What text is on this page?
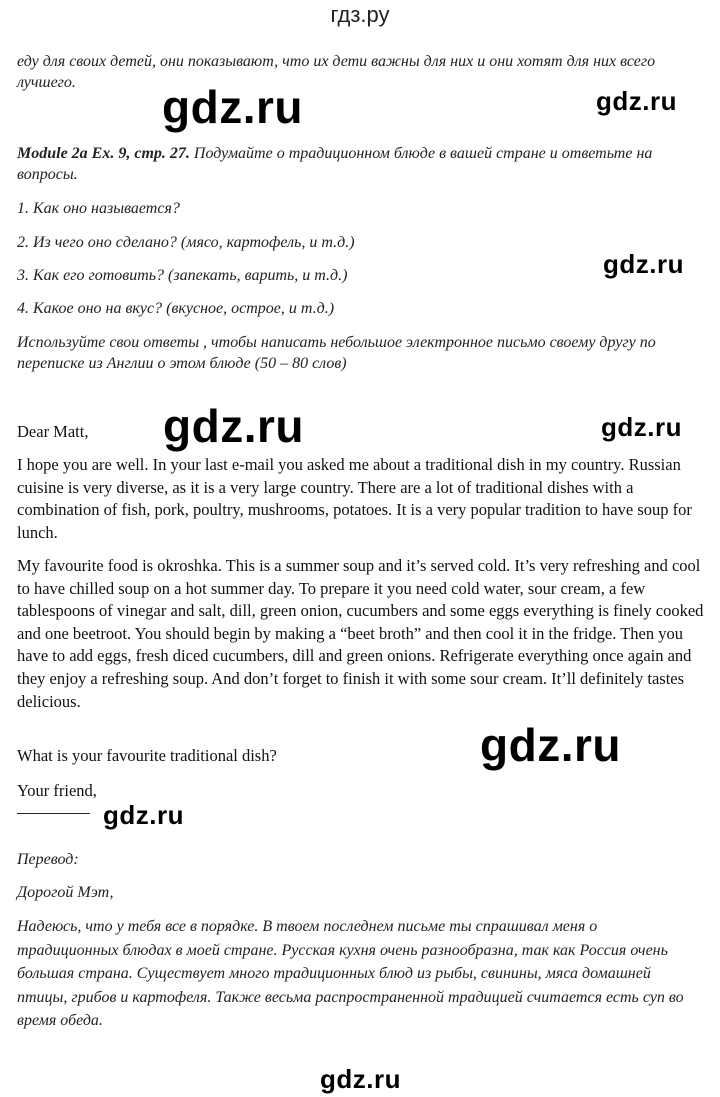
гдз.ру
еду для своих детей, они показывают, что их дети важны для них и они хотят для них всего лучшего.
Module 2a Ex. 9, стр. 27. Подумайте о традиционном блюде в вашей стране и ответьте на вопросы.
1. Как оно называется?
2. Из чего оно сделано? (мясо, картофель, и т.д.)
3. Как его готовить? (запекать, варить, и т.д.)
4. Какое оно на вкус? (вкусное, острое, и т.д.)
Используйте свои ответы , чтобы написать небольшое электронное письмо своему другу по переписке из Англии о этом блюде (50 – 80 слов)
Dear Matt,
I hope you are well. In your last e-mail you asked me about a traditional dish in my country. Russian cuisine is very diverse, as it is a very large country. There are a lot of traditional dishes with a combination of fish, pork, poultry, mushrooms, potatoes. It is a very popular tradition to have soup for lunch.
My favourite food is okroshka. This is a summer soup and it’s served cold. It’s very refreshing and cool to have chilled soup on a hot summer day. To prepare it you need cold water, sour cream, a few tablespoons of vinegar and salt, dill, green onion, cucumbers and some eggs everything is finely cooked and one beetroot. You should begin by making a “beet broth” and then cool it in the fridge. Then you have to add eggs, fresh diced cucumbers, dill and green onions. Refrigerate everything once again and they enjoy a refreshing soup. And don’t forget to finish it with some sour cream. It’ll definitely tastes delicious.
What is your favourite traditional dish?
Your friend,
Перевод:
Дорогой Мэт,
Надеюсь, что у тебя все в порядке. В твоем последнем письме ты спрашивал меня о традиционных блюдах в моей стране. Русская кухня очень разнообразна, так как Россия очень большая страна. Существует много традиционных блюд из рыбы, свинины, мяса домашней птицы, грибов и картофеля. Также весьма распространенной традицией считается есть суп во время обеда.
gdz.ru	gdz.ru
gdz.ru
gdz.ru	gdz.ru
gdz.ru
gdz.ru
gdz.ru
